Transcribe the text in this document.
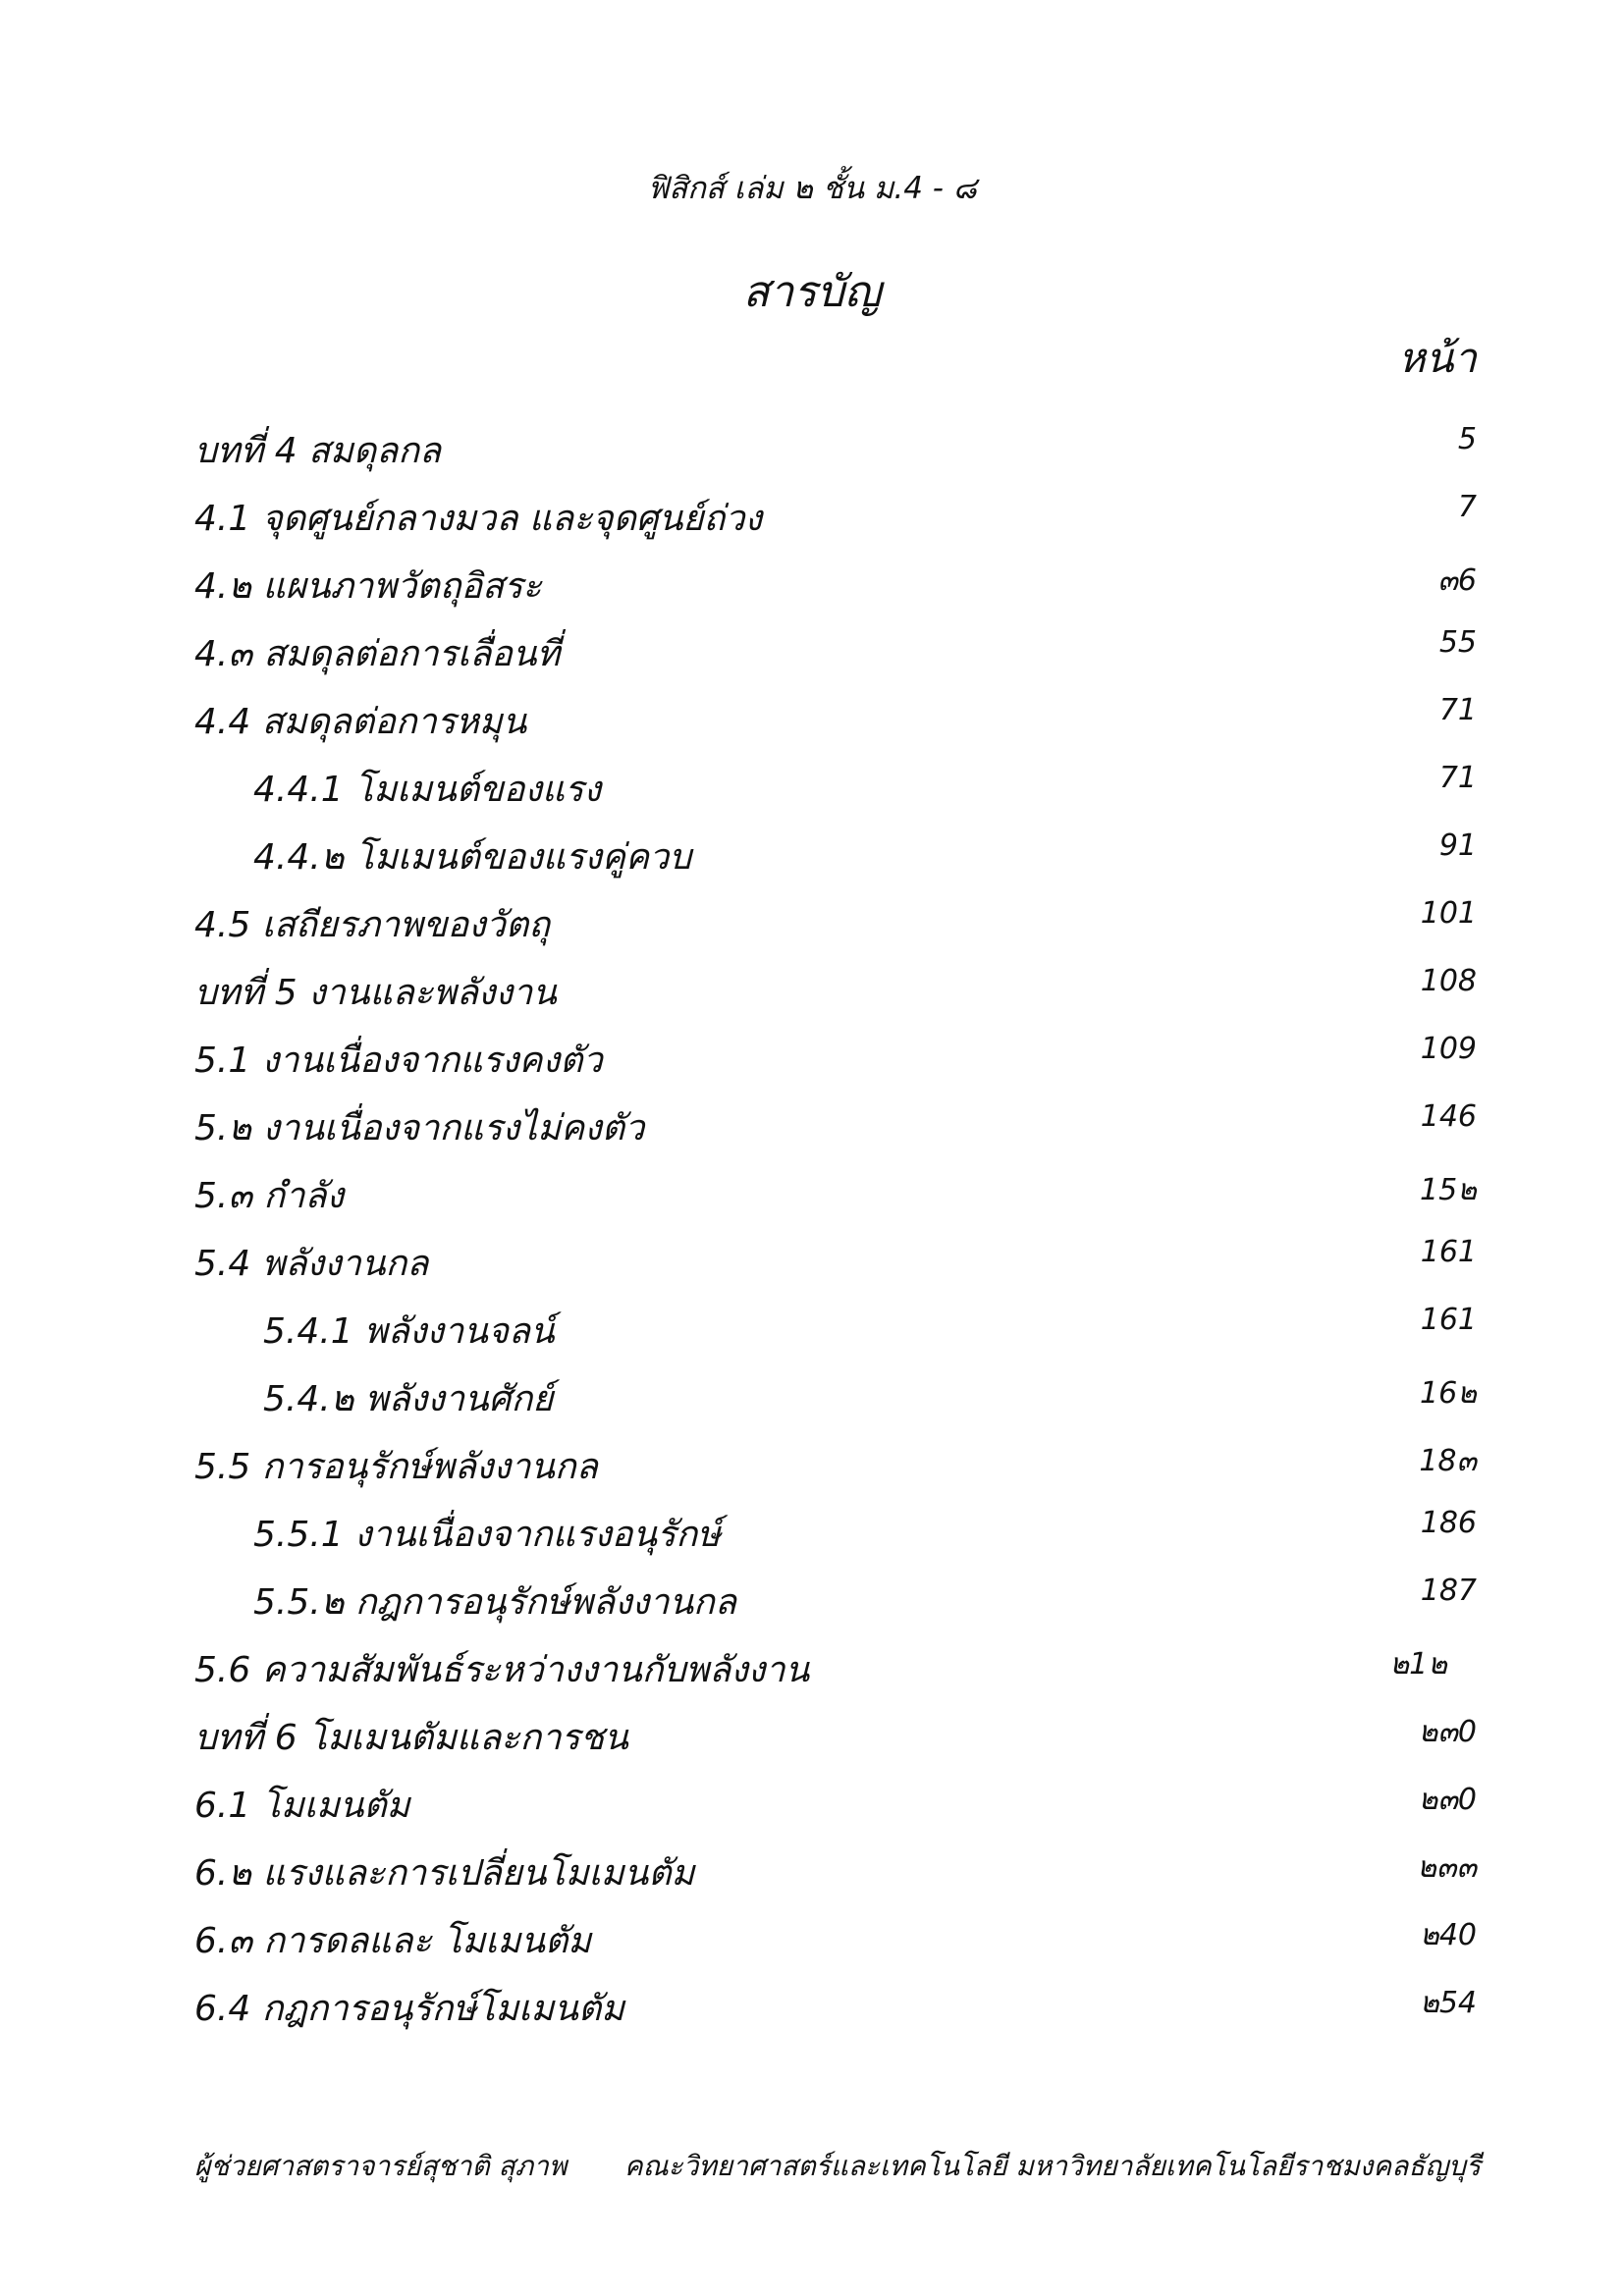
ฟิสิกส์ เล่ม ๒ ชั้น ม.4 - ๘
สารบัญ
หน้า
บทที่ 4 สมดุลกล	5
4.1 จุดศูนย์กลางมวล และจุดศูนย์ถ่วง	7
4.๒ แผนภาพวัตถุอิสระ	๓6
4.๓ สมดุลต่อการเลื่อนที่	55
4.4 สมดุลต่อการหมุน	71
4.4.1 โมเมนต์ของแรง	71
4.4.๒ โมเมนต์ของแรงคู่ควบ	91
4.5 เสถียรภาพของวัตถุ	101
บทที่ 5 งานและพลังงาน	108
5.1 งานเนื่องจากแรงคงตัว	109
5.๒ งานเนื่องจากแรงไม่คงตัว	146
5.๓ กำลัง	15๒
5.4 พลังงานกล	161
5.4.1 พลังงานจลน์	161
5.4.๒ พลังงานศักย์	16๒
5.5 การอนุรักษ์พลังงานกล	18๓
5.5.1 งานเนื่องจากแรงอนุรักษ์	186
5.5.๒ กฎการอนุรักษ์พลังงานกล	187
5.6 ความสัมพันธ์ระหว่างงานกับพลังงาน	๒1๒
บทที่ 6 โมเมนตัมและการชน	๒๓0
6.1 โมเมนตัม	๒๓0
6.๒ แรงและการเปลี่ยนโมเมนตัม	๒๓๓
6.๓ การดลและ โมเมนตัม	๒40
6.4 กฎการอนุรักษ์โมเมนตัม	๒54
ผู้ช่วยศาสตราจารย์สุชาติ สุภาพ คณะวิทยาศาสตร์และเทคโนโลยี มหาวิทยาลัยเทคโนโลยีราชมงคลธัญบุรี
